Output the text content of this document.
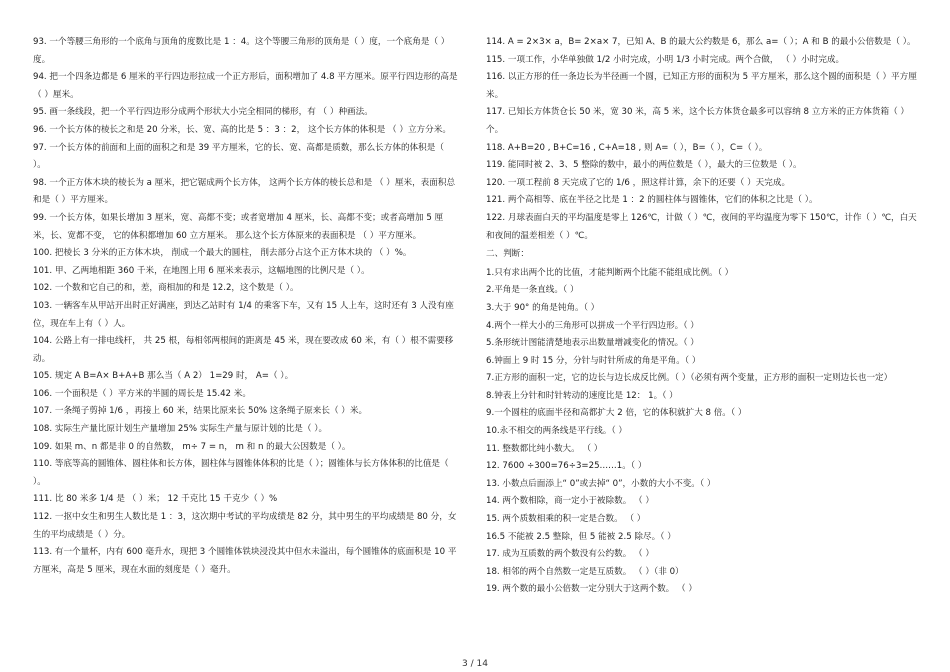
93. 一个等腰三角形的一个底角与顶角的度数比是 1 ：4。这个等腰三角形的顶角是（ ）度，一个底角是（ ）度。
94. 把一个四条边都是 6 厘米的平行四边形拉成一个正方形后，面积增加了 4.8 平方厘米。原平行四边形的高是（ ）厘米。
95. 画一条线段，把一个平行四边形分成两个形状大小完全相同的梯形，有 （ ）种画法。
96. 一个长方体的棱长之和是 20 分米，长、宽、高的比是 5 ：3 ：2， 这个长方体的体积是 （ ）立方分米。
97. 一个长方体的前面和上面的面积之和是 39 平方厘米，它的长、宽、高都是质数，那么长方体的体积是（ ）。
98. 一个正方体木块的棱长为 a 厘米，把它锯成两个长方体， 这两个长方体的棱长总和是 （ ）厘米，表面积总和是（ ）平方厘米。
99. 一个长方体，如果长增加 3 厘米，宽、高都不变；或者宽增加 4 厘米，长、高都不变；或者高增加 5 厘米，长、宽都不变， 它的体积都增加 60 立方厘米。 那么这个长方体原来的表面积是 （ ）平方厘米。
100. 把棱长 3 分米的正方体木块， 削成一个最大的圆柱， 削去部分占这个正方体木块的 （ ）%。
101. 甲、乙两地相距 360 千米，在地图上用 6 厘米来表示，这幅地图的比例尺是（ ）。
102. 一个数和它自己的和，差，商相加的和是 12.2，这个数是（ ）。
103. 一辆客车从甲站开出时正好满座，到达乙站时有 1/4 的乘客下车，又有 15 人上车，这时还有 3 人没有座位，现在车上有（ ）人。
104. 公路上有一排电线杆， 共 25 根，每相邻两根间的距离是 45 米，现在要改成 60 米，有（ ）根不需要移动。
105. 规定 A B=A× B+A+B 那么当（ A 2） 1=29 时， A=（ ）。
106. 一个面积是（ ）平方米的半圆的周长是 15.42 米。
107. 一条绳子剪掉 1/6 ，再接上 60 米，结果比原来长 50% 这条绳子原来长（ ）米。
108. 实际生产量比原计划生产量增加 25% 实际生产量与原计划的比是（ ）。
109. 如果 m、n 都是非 0 的自然数， m÷ 7 = n， m 和 n 的最大公因数是（ ）。
110. 等底等高的圆锥体、圆柱体和长方体，圆柱体与圆锥体体积的比是（ ）；圆锥体与长方体体积的比值是（ ）。
111. 比 80 米多 1/4 是 （ ）米； 12 千克比 15 千克少（ ）%
112. 一抠中女生和男生人数比是 1 ：3，这次期中考试的平均成绩是 82 分，其中男生的平均成绩是 80 分，女生的平均成绩是（ ）分。
113. 有一个量杯，内有 600 毫升水，现把 3 个圆锥体铁块浸没其中但水未溢出，每个圆锥体的底面积是 10 平方厘米，高是 5 厘米，现在水面的刻度是（ ）毫升。
114. A = 2×3× a，B= 2×a× 7，已知 A、B 的最大公约数是 6，那么 a=（ ）；A 和 B 的最小公倍数是（ ）。
115. 一项工作，小华单独做 1/2 小时完成，小明 1/3 小时完成。两个合做， （ ）小时完成。
116. 以正方形的任一条边长为半径画一个圆，已知正方形的面积为 5 平方厘米，那么这个圆的面积是（ ）平方厘米。
117. 已知长方体货仓长 50 米，宽 30 米，高 5 米，这个长方体货仓最多可以容纳 8 立方米的正方体货箱（ ）个。
118. A+B=20 , B+C=16 , C+A=18 , 则 A=（ ），B=（ ），C=（ ）。
119. 能同时被 2、3、5 整除的数中，最小的两位数是（ ），最大的三位数是（ ）。
120. 一项工程前 8 天完成了它的 1/6 ，照这样计算，余下的还要（ ）天完成。
121. 两个高相等、底在半径之比是 1 ：2 的圆柱体与圆锥体，它们的体积之比是（ ）。
122. 月球表面白天的平均温度是零上 126℃，计做（ ）℃，夜间的平均温度为零下 150℃，计作（ ）℃，白天和夜间的温差相差（ ）℃。
二、判断：
1.只有求出两个比的比值，才能判断两个比能不能组成比例。（ ）
2.平角是一条直线。（ ）
3.大于 90° 的角是钝角。（ ）
4.两个一样大小的三角形可以拼成一个平行四边形。（ ）
5.条形统计图能清楚地表示出数量增减变化的情况。（ ）
6.钟面上 9 时 15 分，分针与时针所成的角是平角。（ ）
7.正方形的面积一定，它的边长与边长成反比例。（ ）（必须有两个变量，正方形的面积一定则边长也一定）
8.钟表上分针和时针转动的速度比是 12： 1。（ ）
9.一个圆柱的底面半径和高都扩大 2 倍，它的体积就扩大 8 倍。（ ）
10.永不相交的两条线是平行线。（ ）
11. 整数都比纯小数大。 （ ）
12. 7600 ÷300=76÷3=25……1。（ ）
13. 小数点后面添上“ 0”或去掉“ 0”，小数的大小不变。（ ）
14. 两个数相除，商一定小于被除数。 （ ）
15. 两个质数相乘的积一定是合数。 （ ）
16.5 不能被 2.5 整除，但 5 能被 2.5 除尽。（ ）
17. 成为互质数的两个数没有公约数。 （ ）
18. 相邻的两个自然数一定是互质数。 （ ）（非 0）
19. 两个数的最小公倍数一定分别大于这两个数。 （ ）
3 / 14
